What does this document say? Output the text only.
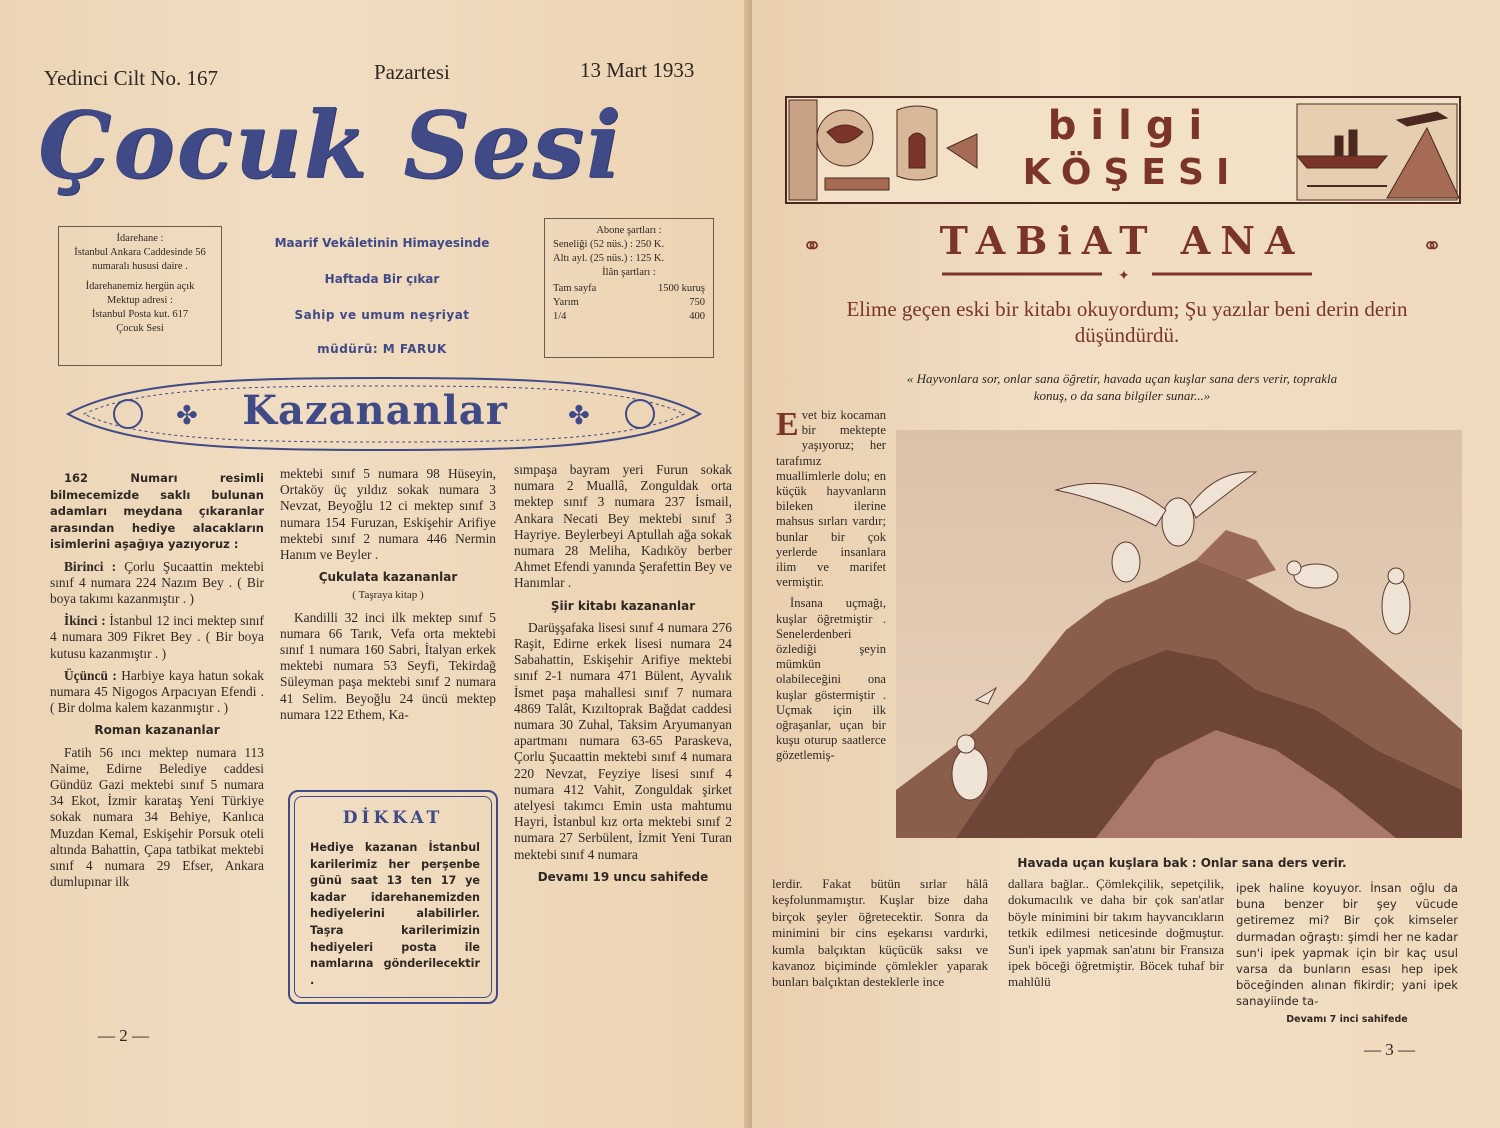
Yedinci Cilt No. 167	Pazartesi	13 Mart 1933
Çocuk Sesi
İdarehane :
İstanbul Ankara Caddesinde 56 numaralı hususi daire .
İdarehanemiz hergün açık
Mektup adresi :
İstanbul Posta kut. 617
Çocuk Sesi
Maarif Vekâletinin Himayesinde
Haftada Bir çıkar
Sahip ve umum neşriyat
müdürü: M FARUK
Abone şartları :
Seneliği (52 nüs.) : 250 K.
Altı ayl. (25 nüs.) : 125 K.
İlân şartları :
Tam sayfa	1500 kuruş
Yarım	750
1/4	400
✤	✤
Kazananlar

162 Numarı resimli bilmecemizde saklı bulunan adamları meydana çıkaranlar arasından hediye alacakların isimlerini aşağıya yazıyoruz :

Birinci : Çorlu Şucaattin mektebi sınıf 4 numara 224 Nazım Bey . ( Bir boya takımı kazanmıştır . )

İkinci : İstanbul 12 inci mektep sınıf 4 numara 309 Fikret Bey . ( Bir boya kutusu kazanmıştır . )

Üçüncü : Harbiye kaya hatun sokak numara 45 Nigogos Arpacıyan Efendi . ( Bir dolma kalem kazanmıştır . )

Roman kazananlar

Fatih 56 ıncı mektep numara 113 Naime, Edirne Belediye caddesi Gündüz Gazi mektebi sınıf 5 numara 34 Ekot, İzmir karataş Yeni Türkiye sokak numara 34 Behiye, Kanlıca Muzdan Kemal, Eskişehir Porsuk oteli altında Bahattin, Çapa tatbikat mektebi sınıf 4 numara 29 Efser, Ankara dumlupınar ilk

mektebi sınıf 5 numara 98 Hüseyin, Ortaköy üç yıldız sokak numara 3 Nevzat, Beyoğlu 12 ci mektep sınıf 3 numara 154 Furuzan, Eskişehir Arifiye mektebi sınıf 2 numara 446 Nermin Hanım ve Beyler .

Çukulata kazananlar
( Taşraya kitap )

Kandilli 32 inci ilk mektep sınıf 5 numara 66 Tarık, Vefa orta mektebi sınıf 1 numara 160 Sabri, İtalyan erkek mektebi numara 53 Seyfi, Tekirdağ Süleyman paşa mektebi sınıf 2 numara 41 Selim. Beyoğlu 24 üncü mektep numara 122 Ethem, Ka-

DİKKAT
Hediye kazanan İstanbul karilerimiz her perşenbe günü saat 13 ten 17 ye kadar idarehanemizden hediyelerini alabilirler. Taşra karilerimizin hediyeleri posta ile namlarına gönderilecektir .

sımpaşa bayram yeri Furun sokak numara 2 Muallâ, Zonguldak orta mektep sınıf 3 numara 237 İsmail, Ankara Necati Bey mektebi sınıf 3 Hayriye. Beylerbeyi Aptullah ağa sokak numara 28 Meliha, Kadıköy berber Ahmet Efendi yanında Şerafettin Bey ve Hanımlar .

Şiir kitabı kazananlar

Darüşşafaka lisesi sınıf 4 numara 276 Raşit, Edirne erkek lisesi numara 24 Sabahattin, Eskişehir Arifiye mektebi sınıf 2-1 numara 471 Bülent, Ayvalık İsmet paşa mahallesi sınıf 7 numara 4869 Talât, Kızıltoprak Bağdat caddesi numara 30 Zuhal, Taksim Aryumanyan apartmanı numara 63-65 Paraskeva, Çorlu Şucaattin mektebi sınıf 4 numara 220 Nevzat, Feyziye lisesi sınıf 4 numara 412 Vahit, Zonguldak şirket atelyesi takımcı Emin usta mahtumu Hayri, İstanbul kız orta mektebi sınıf 2 numara 27 Serbülent, İzmit Yeni Turan mektebi sınıf 4 numara

Devamı 19 uncu sahifede
— 2 —
bilgi
KÖŞESI
⚭	⚭
✦
TABiAT ANA
Elime geçen eski bir kitabı okuyordum; Şu yazılar beni derin derin düşündürdü.
« Hayvonlara sor, onlar sana öğretir, havada uçan kuşlar sana ders verir, toprakla konuş, o da sana bilgiler sunar...»

Evet biz kocaman bir mektepte yaşıyoruz; her tarafımız muallimlerle dolu; en küçük hayvanların bileken ilerine mahsus sırları vardır; bunlar bir çok yerlerde insanlara ilim ve marifet vermiştir.

İnsana uçmağı, kuşlar öğretmiştir . Senelerdenberi özlediği şeyin mümkün olabileceğini ona kuşlar göstermiştir . Uçmak için ilk oğraşanlar, uçan bir kuşu oturup saatlerce gözetlemiş-

Havada uçan kuşlara bak : Onlar sana ders verir.

lerdir. Fakat bütün sırlar hâlâ keşfolunmamıştır. Kuşlar bize daha birçok şeyler öğretecektir. Sonra da minimini bir cins eşekarısı vardırki, kumla balçıktan küçücük saksı ve kavanoz biçiminde çömlekler yaparak bunları balçıktan desteklerle ince

dallara bağlar.. Çömlekçilik, sepetçilik, dokumacılık ve daha bir çok san'atlar böyle minimini bir takım hayvancıkların tetkik edilmesi neticesinde doğmuştur. Sun'i ipek yapmak san'atını bir Fransıza ipek böceği öğretmiştir. Böcek tuhaf bir mahlûlü

ipek haline koyuyor. İnsan oğlu da buna benzer bir şey vücude getiremez mi? Bir çok kimseler durmadan oğraştı: şimdi her ne kadar sun'i ipek yapmak için bir kaç usul varsa da bunların esası hep ipek böceğinden alınan fikirdir; yani ipek sanayiinde ta-

Devamı 7 inci sahifede
— 3 —
